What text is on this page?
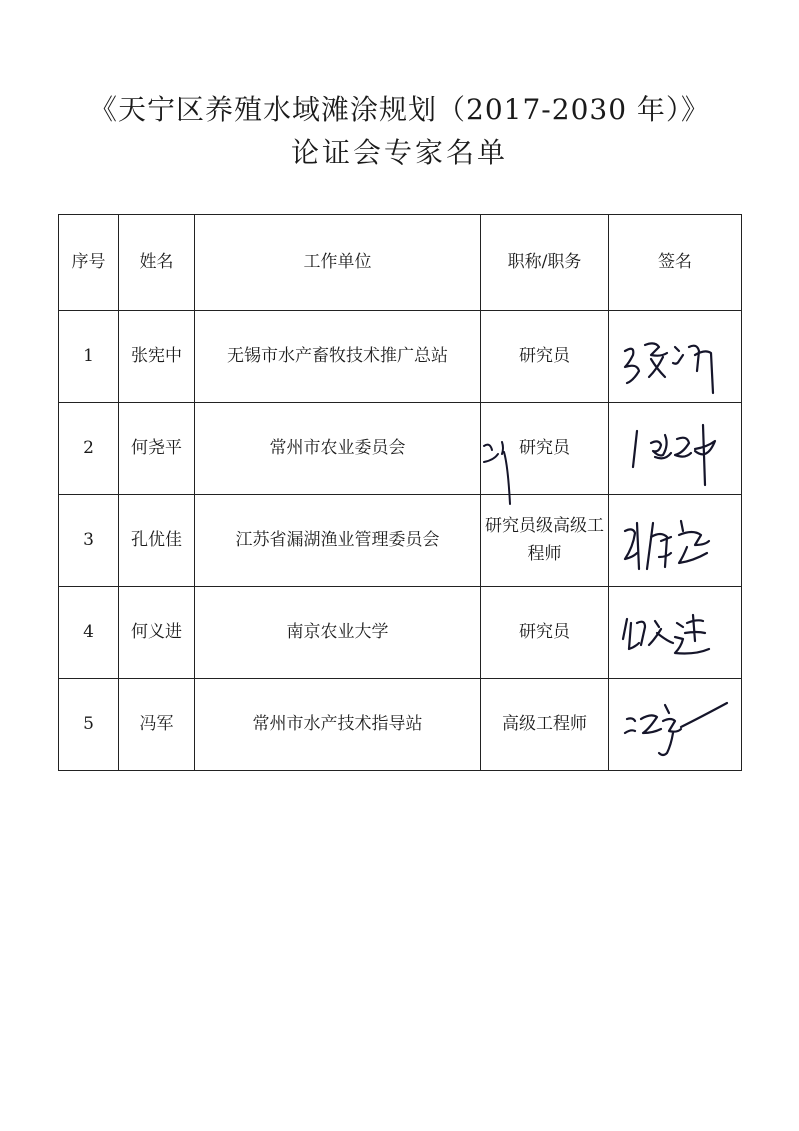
《天宁区养殖水域滩涂规划（2017-2030 年）》
论证会专家名单
序号	姓名	工作单位	职称/职务	签名
1	张宪中	无锡市水产畜牧技术推广总站	研究员	

2	何尧平	常州市农业委员会	研究员	

3	孔优佳	江苏省漏湖渔业管理委员会	研究员级高级工程师	

4	何义进	南京农业大学	研究员	

5	冯军	常州市水产技术指导站	高级工程师	
